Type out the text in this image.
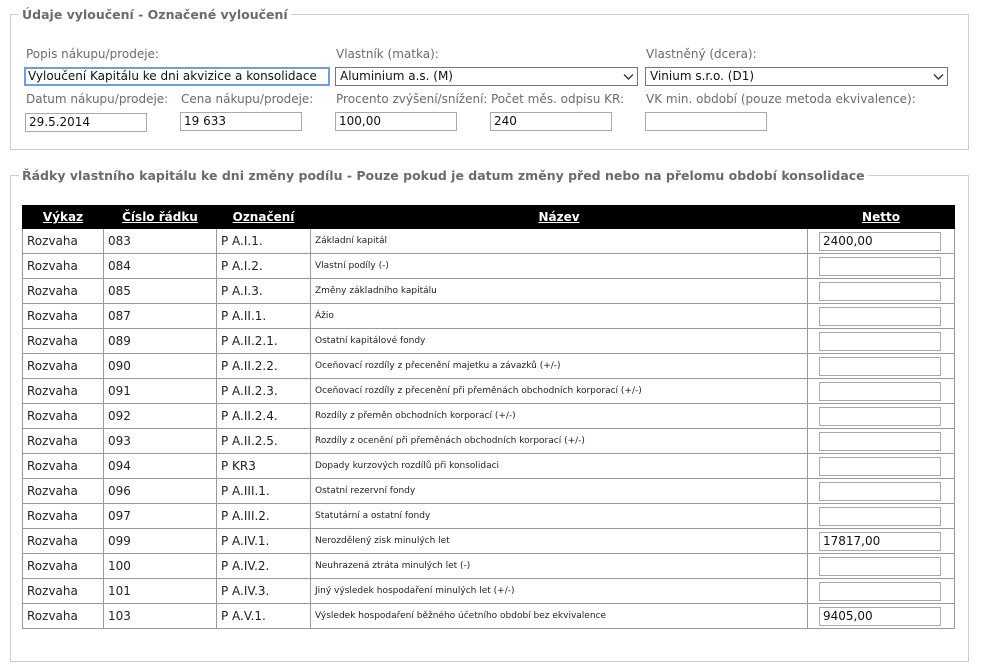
Údaje vyloučení - Označené vyloučení
Popis nákupu/prodeje:
Vyloučení Kapitálu ke dni akvizice a konsolidace
Vlastník (matka):
Aluminium a.s. (M)
Vlastněný (dcera):
Vinium s.r.o. (D1)
Datum nákupu/prodeje:
29.5.2014
Cena nákupu/prodeje:
19 633
Procento zvýšení/snížení:
100,00
Počet měs. odpisu KR:
240
VK min. období (pouze metoda ekvivalence):
Řádky vlastního kapitálu ke dni změny podílu - Pouze pokud je datum změny před nebo na přelomu období konsolidace
Výkaz	Číslo řádku	Označení	Název	Netto
Rozvaha	083	P A.I.1.	Základní kapitál	2400,00

Rozvaha	084	P A.I.2.	Vlastní podíly (-)	

Rozvaha	085	P A.I.3.	Změny základního kapitálu	

Rozvaha	087	P A.II.1.	Ážio	

Rozvaha	089	P A.II.2.1.	Ostatní kapitálové fondy	

Rozvaha	090	P A.II.2.2.	Oceňovací rozdíly z přecenění majetku a závazků (+/-)	

Rozvaha	091	P A.II.2.3.	Oceňovací rozdíly z přecenění při přeměnách obchodních korporací (+/-)	

Rozvaha	092	P A.II.2.4.	Rozdíly z přeměn obchodních korporací (+/-)	

Rozvaha	093	P A.II.2.5.	Rozdíly z ocenění při přeměnách obchodních korporací (+/-)	

Rozvaha	094	P KR3	Dopady kurzových rozdílů při konsolidaci	

Rozvaha	096	P A.III.1.	Ostatní rezervní fondy	

Rozvaha	097	P A.III.2.	Statutární a ostatní fondy	

Rozvaha	099	P A.IV.1.	Nerozdělený zisk minulých let	17817,00

Rozvaha	100	P A.IV.2.	Neuhrazená ztráta minulých let (-)	

Rozvaha	101	P A.IV.3.	Jiný výsledek hospodaření minulých let (+/-)	

Rozvaha	103	P A.V.1.	Výsledek hospodaření běžného účetního období bez ekvivalence	9405,00
